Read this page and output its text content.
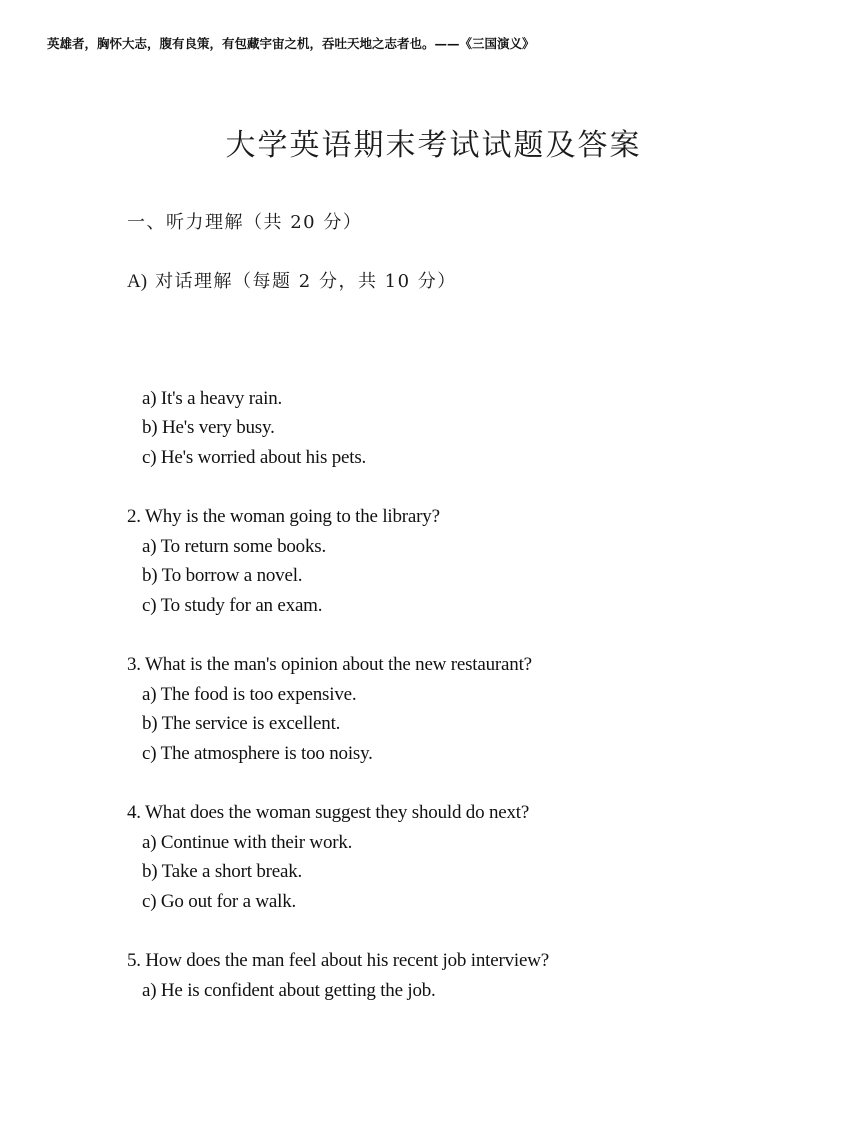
英雄者，胸怀大志，腹有良策，有包藏宇宙之机，吞吐天地之志者也。——《三国演义》
大学英语期末考试试题及答案
一、听力理解（共 20 分）
A) 对话理解（每题 2 分，共 10 分）
a) It's a heavy rain.
b) He's very busy.
c) He's worried about his pets.
2. Why is the woman going to the library?
a) To return some books.
b) To borrow a novel.
c) To study for an exam.
3. What is the man's opinion about the new restaurant?
a) The food is too expensive.
b) The service is excellent.
c) The atmosphere is too noisy.
4. What does the woman suggest they should do next?
a) Continue with their work.
b) Take a short break.
c) Go out for a walk.
5. How does the man feel about his recent job interview?
a) He is confident about getting the job.
